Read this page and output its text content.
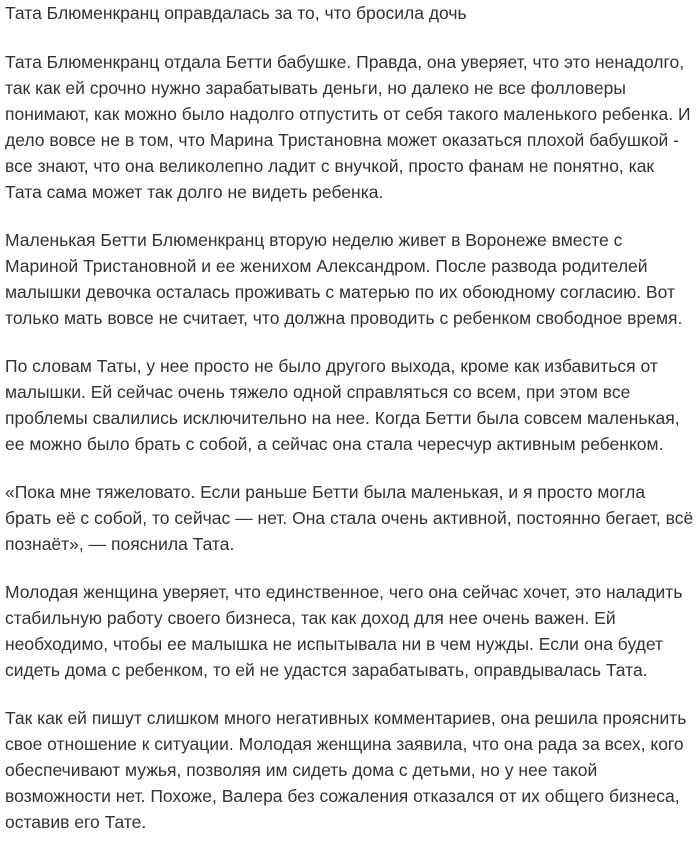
Тата Блюменкранц оправдалась за то, что бросила дочь

Тата Блюменкранц отдала Бетти бабушке. Правда, она уверяет, что это ненадолго, так как ей срочно нужно зарабатывать деньги, но далеко не все фолловеры понимают, как можно было надолго отпустить от себя такого маленького ребенка. И дело вовсе не в том, что Марина Тристановна может оказаться плохой бабушкой - все знают, что она великолепно ладит с внучкой, просто фанам не понятно, как Тата сама может так долго не видеть ребенка.

Маленькая Бетти Блюменкранц вторую неделю живет в Воронеже вместе с Мариной Тристановной и ее женихом Александром. После развода родителей малышки девочка осталась проживать с матерью по их обоюдному согласию. Вот только мать вовсе не считает, что должна проводить с ребенком свободное время.

По словам Таты, у нее просто не было другого выхода, кроме как избавиться от малышки. Ей сейчас очень тяжело одной справляться со всем, при этом все проблемы свалились исключительно на нее. Когда Бетти была совсем маленькая, ее можно было брать с собой, а сейчас она стала чересчур активным ребенком.

«Пока мне тяжеловато. Если раньше Бетти была маленькая, и я просто могла брать её с собой, то сейчас — нет. Она стала очень активной, постоянно бегает, всё познаёт», — пояснила Тата.

Молодая женщина уверяет, что единственное, чего она сейчас хочет, это наладить стабильную работу своего бизнеса, так как доход для нее очень важен. Ей необходимо, чтобы ее малышка не испытывала ни в чем нужды. Если она будет сидеть дома с ребенком, то ей не удастся зарабатывать, оправдывалась Тата.

Так как ей пишут слишком много негативных комментариев, она решила прояснить свое отношение к ситуации. Молодая женщина заявила, что она рада за всех, кого обеспечивают мужья, позволяя им сидеть дома с детьми, но у нее такой возможности нет. Похоже, Валера без сожаления отказался от их общего бизнеса, оставив его Тате.
